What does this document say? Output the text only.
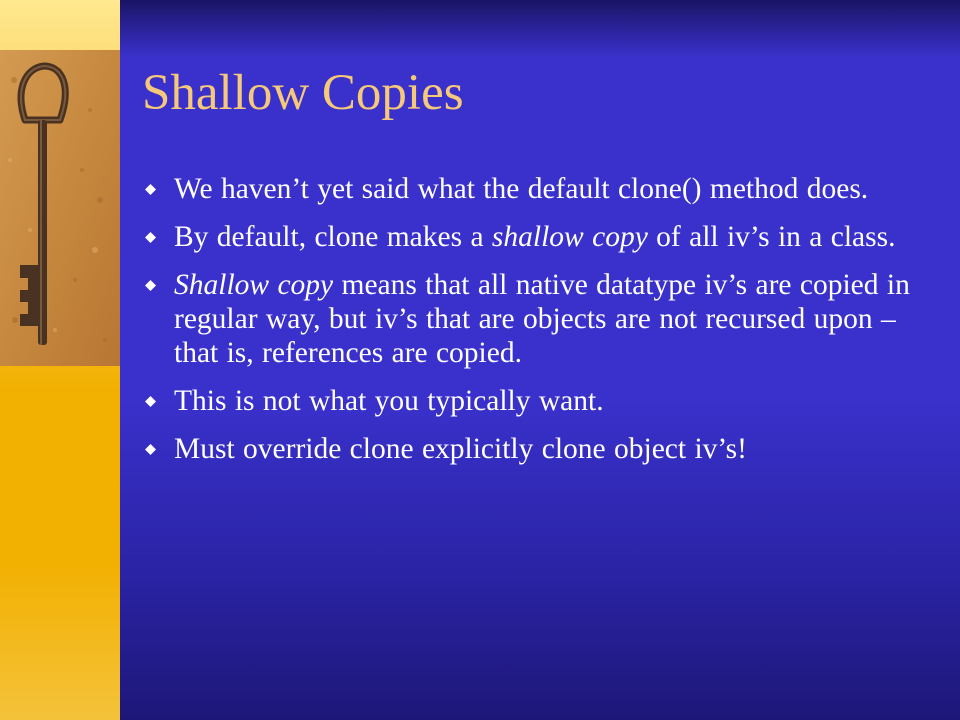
Shallow Copies
We haven’t yet said what the default clone() method does.
By default, clone makes a shallow copy of all iv’s in a class.
Shallow copy means that all native datatype iv’s are copied in regular way, but iv’s that are objects are not recursed upon – that is, references are copied.
This is not what you typically want.
Must override clone explicitly clone object iv’s!
